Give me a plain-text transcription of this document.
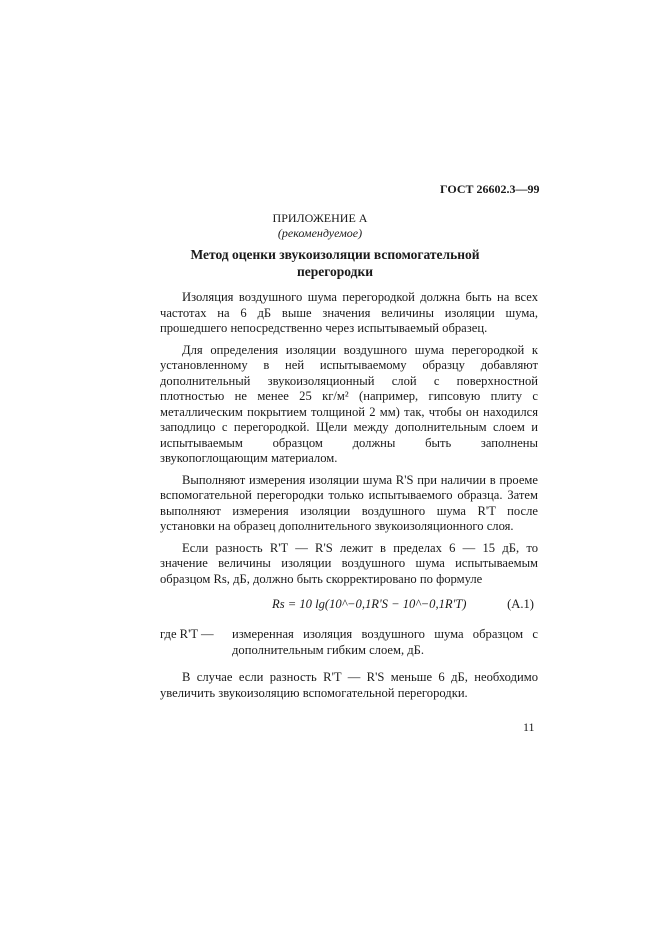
ГОСТ 26602.3—99
ПРИЛОЖЕНИЕ А
(рекомендуемое)
Метод оценки звукоизоляции вспомогательной перегородки

Изоляция воздушного шума перегородкой должна быть на всех частотах на 6 дБ выше значения величины изоляции шума, прошедшего непосредственно через испытываемый образец.

Для определения изоляции воздушного шума перегородкой к установленному в ней испытываемому образцу добавляют дополнительный звукоизоляционный слой с поверхностной плотностью не менее 25 кг/м² (например, гипсовую плиту с металлическим покрытием толщиной 2 мм) так, чтобы он находился заподлицо с перегородкой. Щели между дополнительным слоем и испытываемым образцом должны быть заполнены звукопоглощающим материалом.

Выполняют измерения изоляции шума R'S при наличии в проеме вспомогательной перегородки только испытываемого образца. Затем выполняют измерения изоляции воздушного шума R'T после установки на образец дополнительного звукоизоляционного слоя.

Если разность R'T — R'S лежит в пределах 6 — 15 дБ, то значение величины изоляции воздушного шума испытываемым образцом Rs, дБ, должно быть скорректировано по формуле

Rs = 10 lg(10^−0,1R'S − 10^−0,1R'T)	(А.1)
где R'T —	измеренная изоляция воздушного шума образцом с дополнительным гибким слоем, дБ.

В случае если разность R'T — R'S меньше 6 дБ, необходимо увеличить звукоизоляцию вспомогательной перегородки.

11
